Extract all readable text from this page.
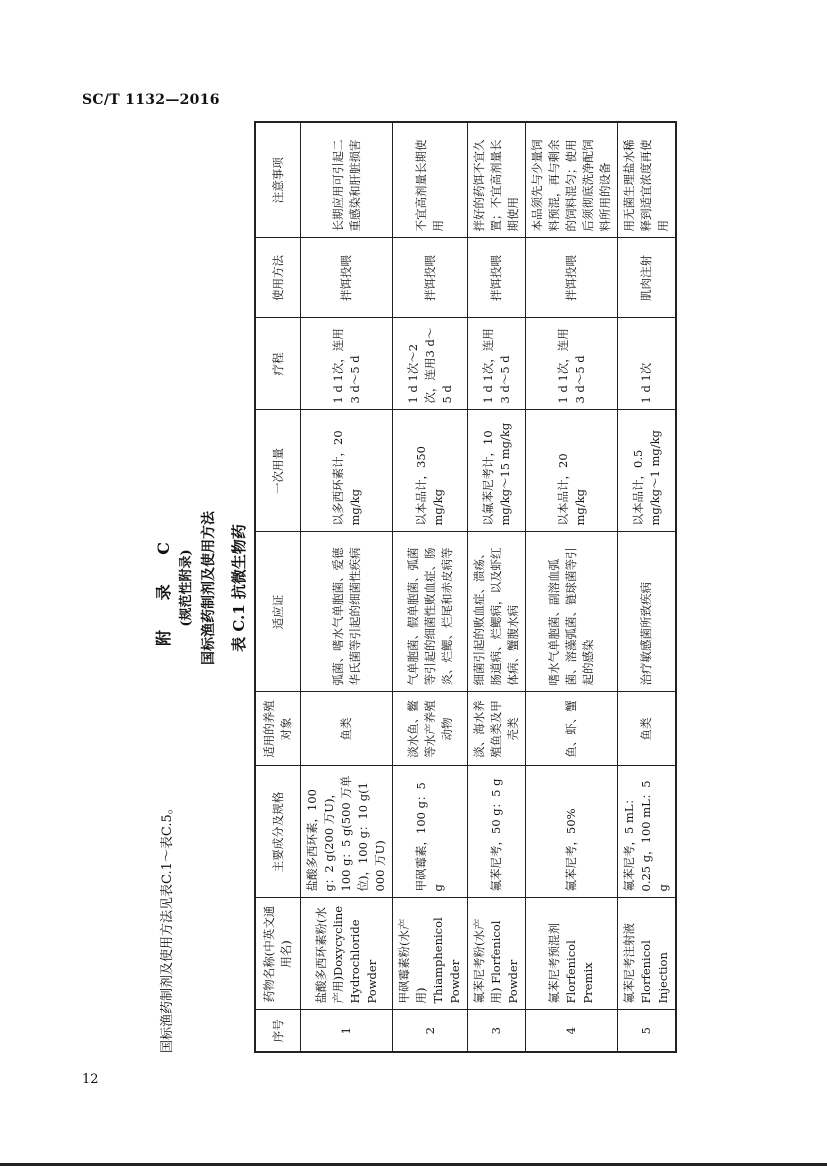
SC/T 1132—2016
国标渔药制剂及使用方法见表C.1～表C.5。
附 录 C (规范性附录) 国标渔药制剂及使用方法 表 C.1 抗微生物药
序号	药物名称(中英文通用名)	主要成分及规格	适用的养殖对象	适应证	一次用量	疗程	使用方法	注意事项
1	盐酸多西环素粉(水产用)Doxycycline Hydrochloride Powder	盐酸多西环素，100 g：2 g(200 万U)，100 g：5 g(500 万单位)，100 g：10 g(1 000 万U)	鱼类	弧菌、嗜水气单胞菌、爱德华氏菌等引起的细菌性疾病	以多西环素计，20 mg/kg	1 d 1次，连用3 d～5 d	拌饵投喂	长期应用可引起二重感染和肝脏损害
2	甲砜霉素粉(水产用) Thiamphenicol Powder	甲砜霉素，100 g：5 g	淡水鱼、鳖等水产养殖动物	气单胞菌、假单胞菌、弧菌等引起的细菌性败血症、肠炎、烂鳃、烂尾和赤皮病等	以本品计，350 mg/kg	1 d 1次～2次，连用3 d～5 d	拌饵投喂	不宜高剂量长期使用
3	氟苯尼考粉(水产用) Florfenicol Powder	氟苯尼考，50 g：5 g	淡、海水养殖鱼类及甲壳类	细菌引起的败血症、溃疡、肠道病、烂鳃病，以及虾红体病、蟹腹水病	以氟苯尼考计，10 mg/kg～15 mg/kg	1 d 1次，连用3 d～5 d	拌饵投喂	拌好的药饵不宜久置；不宜高剂量长期使用
4	氟苯尼考预混剂 Florfenicol Premix	氟苯尼考，50%	鱼、虾、蟹	嗜水气单胞菌、副溶血弧菌、溶藻弧菌、链球菌等引起的感染	以本品计，20 mg/kg	1 d 1次，连用3 d～5 d	拌饵投喂	本品须先与少量饲料预混，再与剩余的饲料混匀；使用后须彻底洗净配饲料所用的设备
5	氟苯尼考注射液 Florfenicol Injection	氟苯尼考，5 mL：0.25 g，100 mL：5 g	鱼类	治疗敏感菌所致疾病	以本品计，0.5 mg/kg～1 mg/kg	1 d 1次	肌肉注射	用无菌生理盐水稀释到适宜浓度再使用
12
